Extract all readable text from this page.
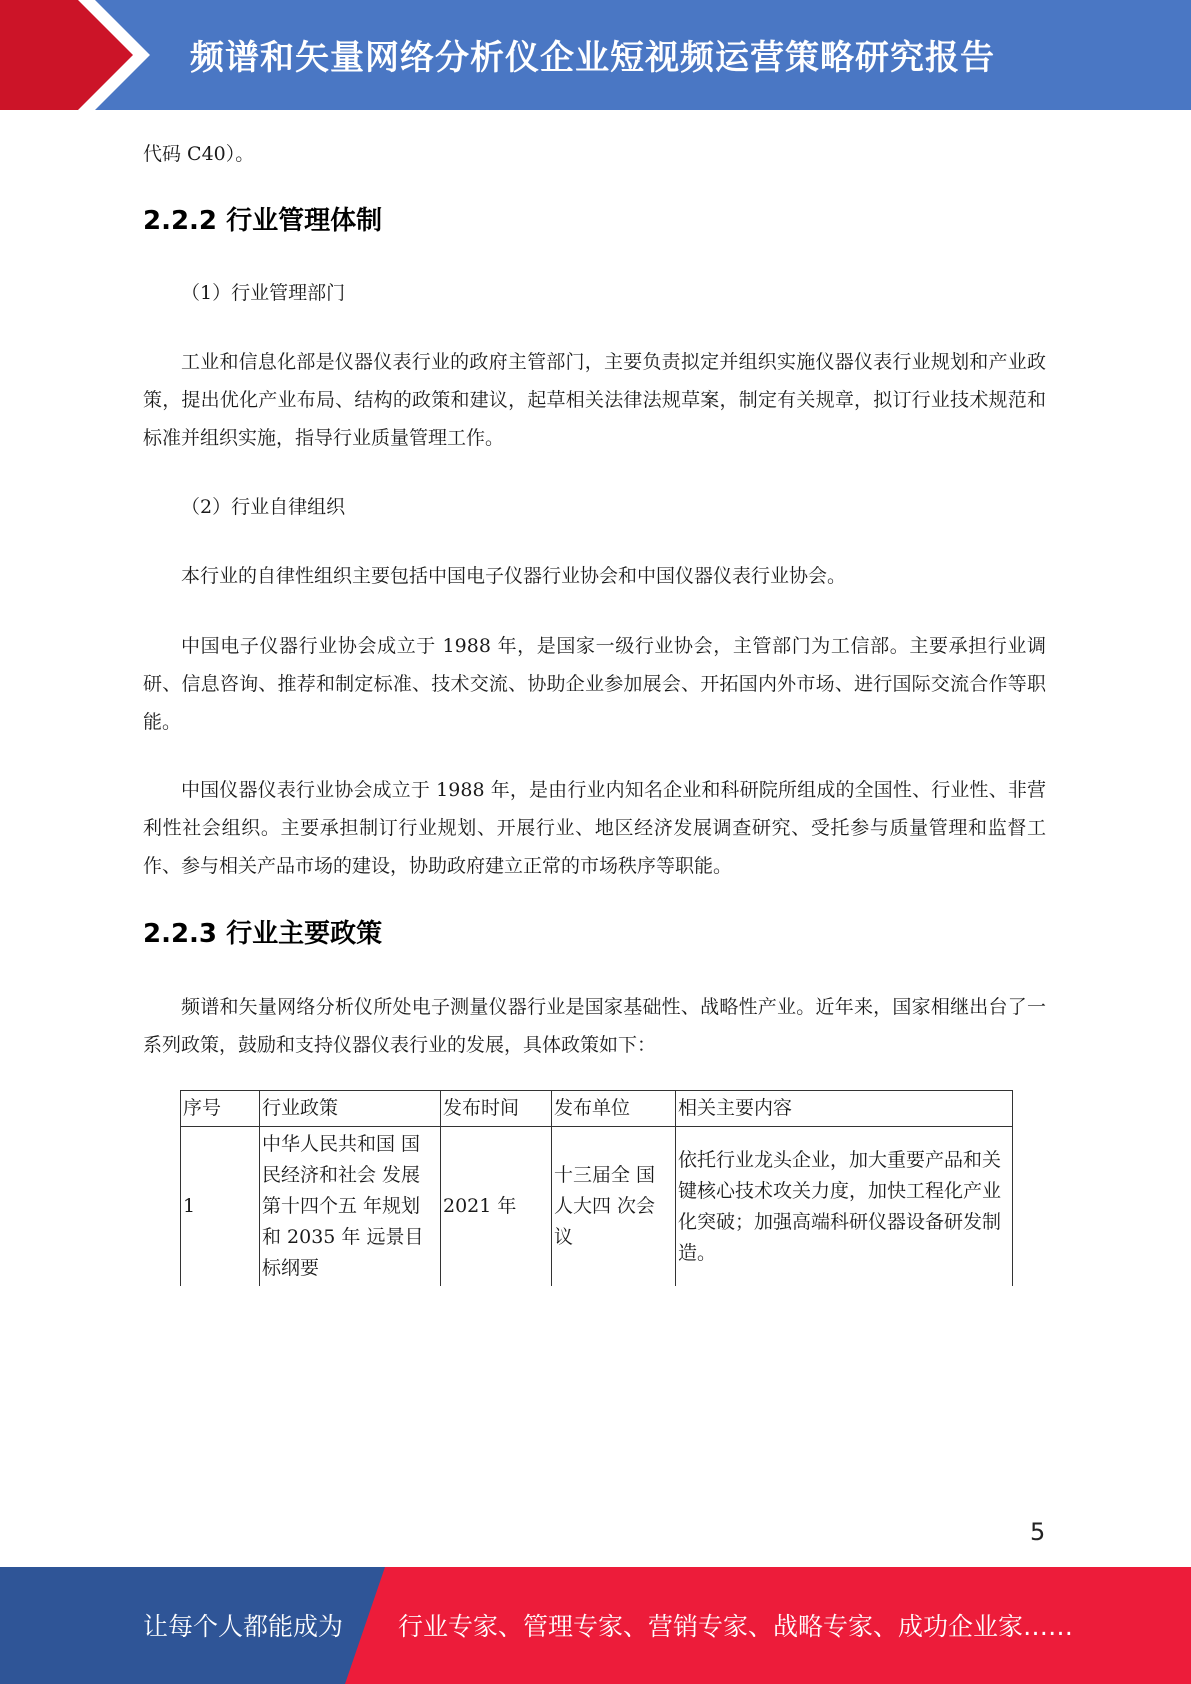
频谱和矢量网络分析仪企业短视频运营策略研究报告

代码 C40）。

2.2.2 行业管理体制

（1）行业管理部门

工业和信息化部是仪器仪表行业的政府主管部门，主要负责拟定并组织实施仪器仪表行业规划和产业政策，提出优化产业布局、结构的政策和建议，起草相关法律法规草案，制定有关规章，拟订行业技术规范和标准并组织实施，指导行业质量管理工作。

（2）行业自律组织

本行业的自律性组织主要包括中国电子仪器行业协会和中国仪器仪表行业协会。

中国电子仪器行业协会成立于 1988 年，是国家一级行业协会，主管部门为工信部。主要承担行业调研、信息咨询、推荐和制定标准、技术交流、协助企业参加展会、开拓国内外市场、进行国际交流合作等职能。

中国仪器仪表行业协会成立于 1988 年，是由行业内知名企业和科研院所组成的全国性、行业性、非营利性社会组织。主要承担制订行业规划、开展行业、地区经济发展调查研究、受托参与质量管理和监督工作、参与相关产品市场的建设，协助政府建立正常的市场秩序等职能。

2.2.3 行业主要政策

频谱和矢量网络分析仪所处电子测量仪器行业是国家基础性、战略性产业。近年来，国家相继出台了一系列政策，鼓励和支持仪器仪表行业的发展，具体政策如下：

序号	行业政策	发布时间	发布单位	相关主要内容
1	中华人民共和国 国民经济和社会 发展第十四个五 年规划和 2035 年 远景目标纲要	2021 年	十三届全 国人大四 次会议	依托行业龙头企业，加大重要产品和关键核心技术攻关力度，加快工程化产业化突破；加强高端科研仪器设备研发制造。
5
让每个人都能成为 行业专家、管理专家、营销专家、战略专家、成功企业家……
